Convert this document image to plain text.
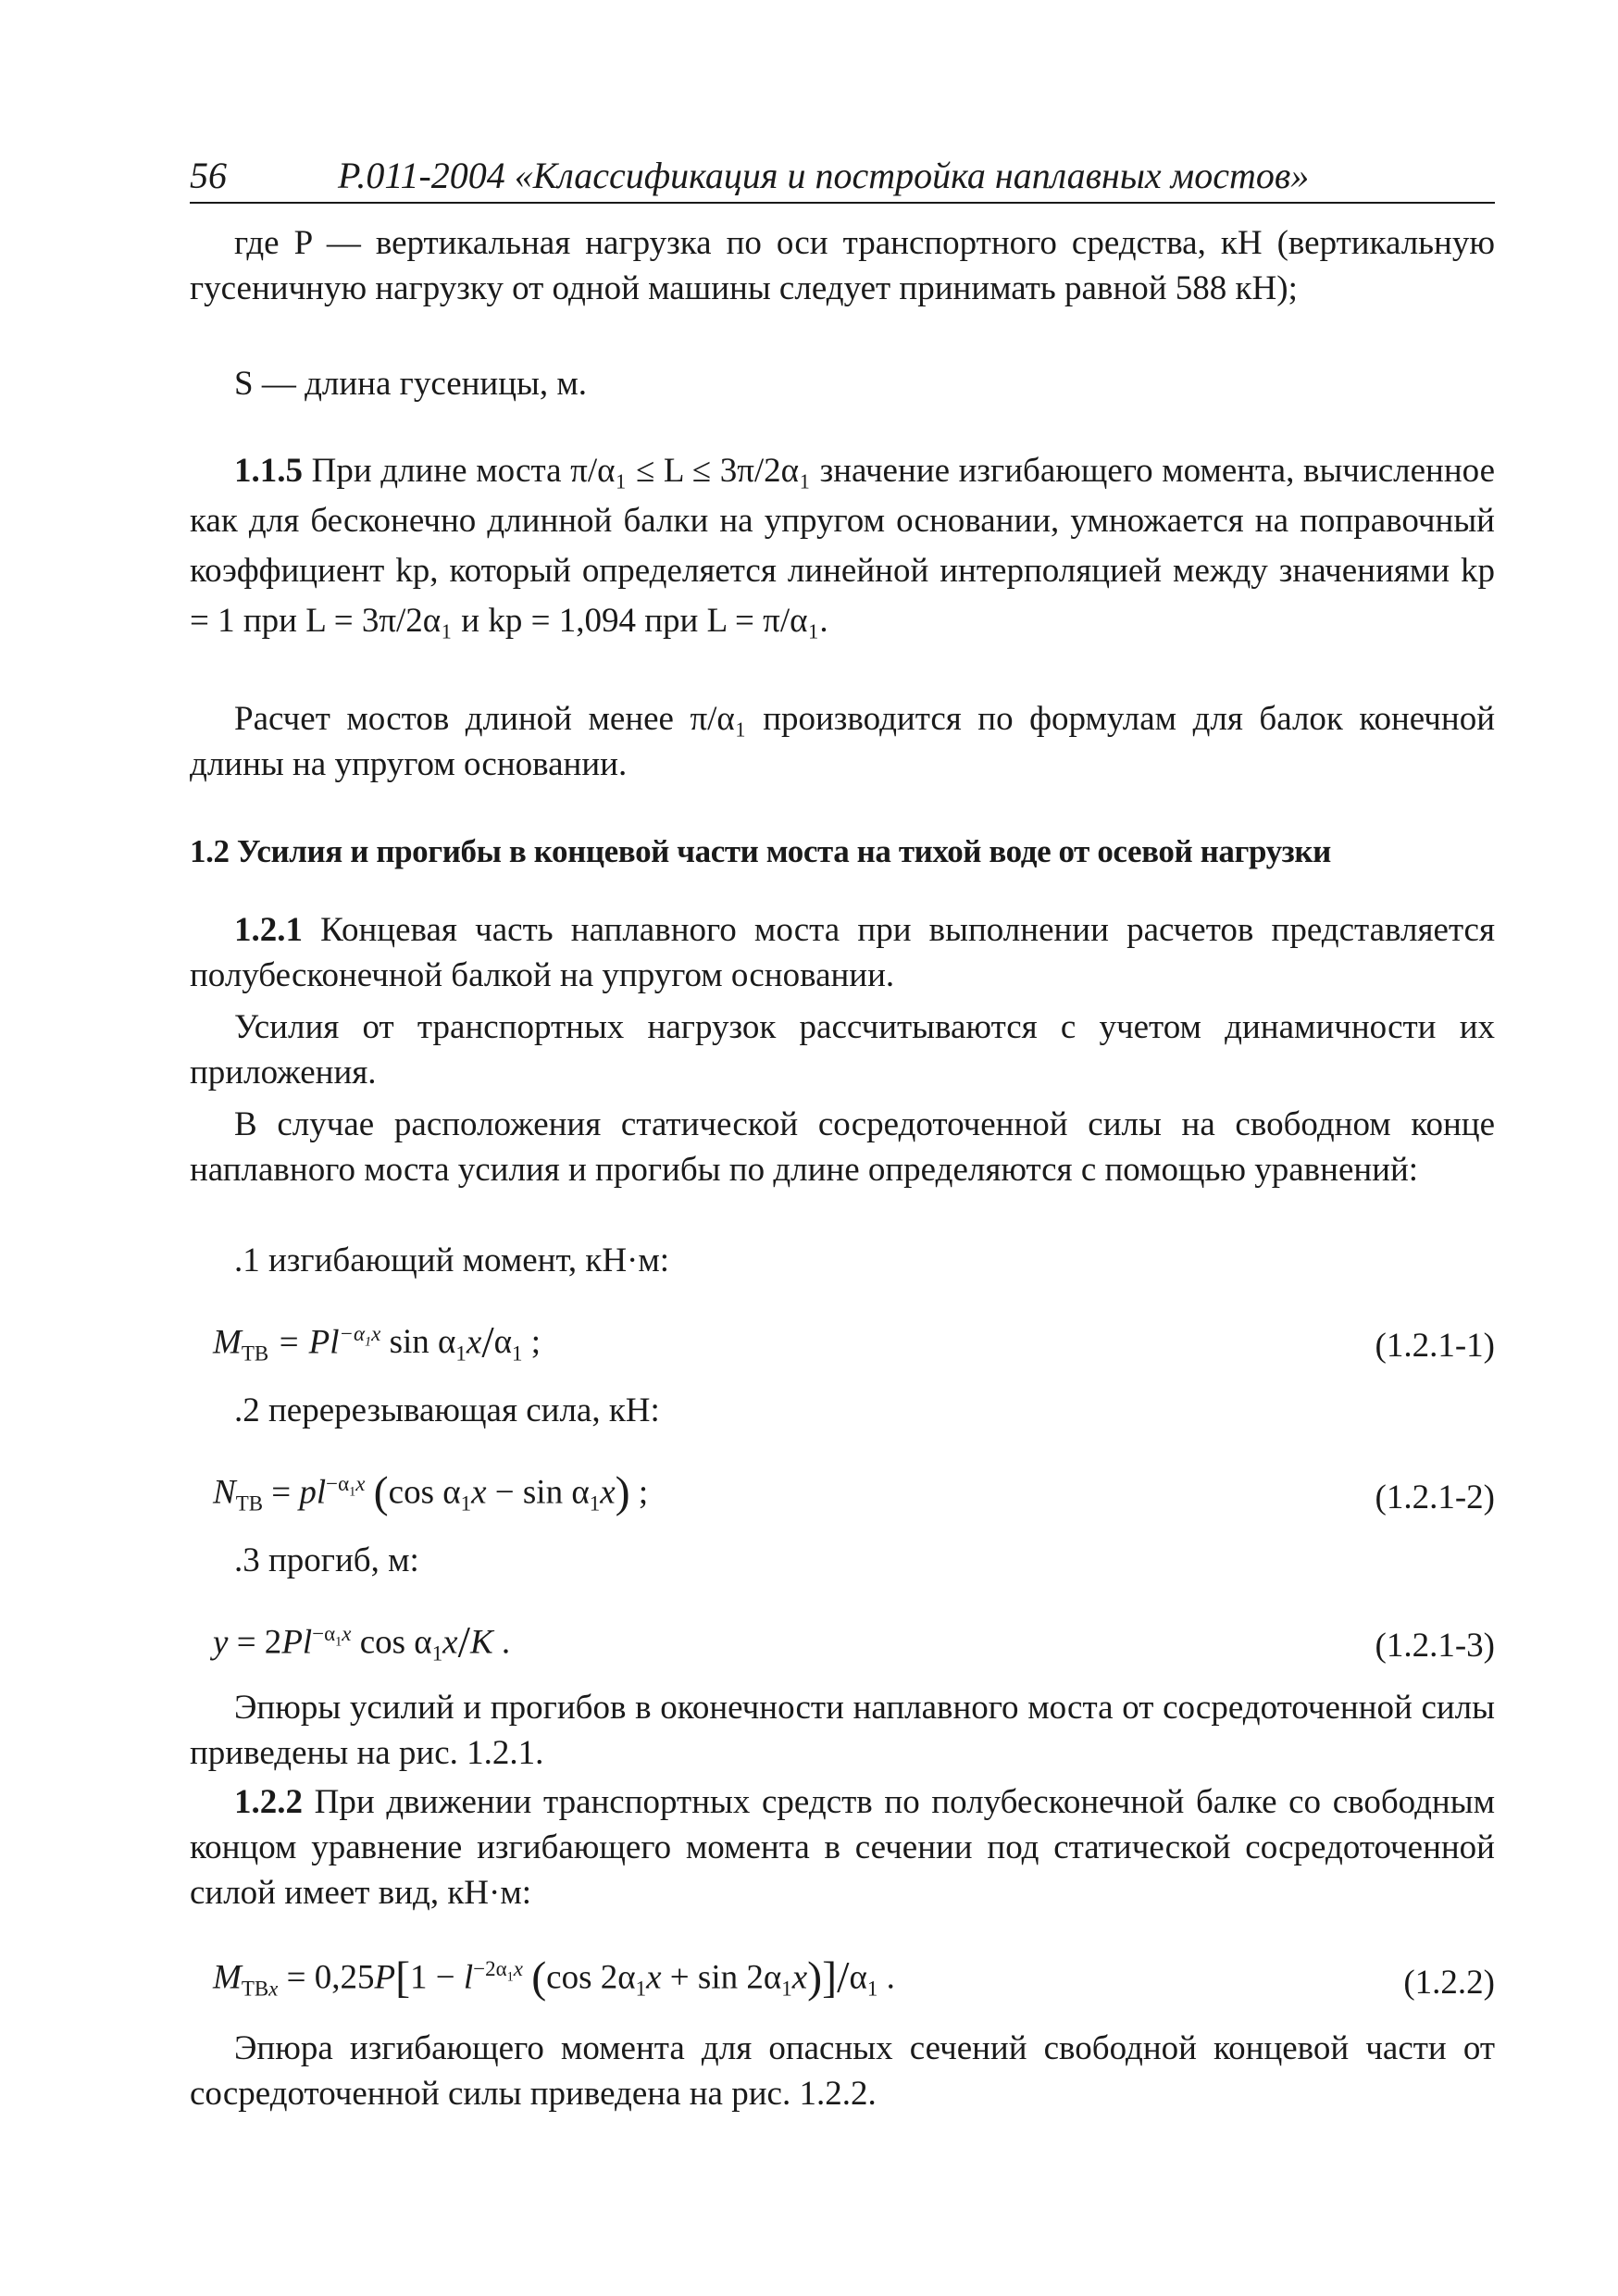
56	Р.011-2004 «Классификация и постройка наплавных мостов»

где P — вертикальная нагрузка по оси транспортного средства, кН (вертикальную гусеничную нагрузку от одной машины следует принимать равной 588 кН);

S — длина гусеницы, м.

1.1.5 При длине моста π/α₁ ≤ L ≤ 3π/2α₁ значение изгибающего момента, вычисленное как для бесконечно длинной балки на упругом основании, умножается на поправочный коэффициент kр, который определяется линейной интерполяцией между значениями kр = 1 при L = 3π/2α₁ и kр = 1,094 при L = π/α₁.

Расчет мостов длиной менее π/α₁ производится по формулам для балок конечной длины на упругом основании.

1.2 Усилия и прогибы в концевой части моста на тихой воде от осевой нагрузки

1.2.1 Концевая часть наплавного моста при выполнении расчетов представляется полубесконечной балкой на упругом основании.

Усилия от транспортных нагрузок рассчитываются с учетом динамичности их приложения.

В случае расположения статической сосредоточенной силы на свободном конце наплавного моста усилия и прогибы по длине определяются с помощью уравнений:

.1 изгибающий момент, кН·м:
$M_{ТВ} = Pl^{-\alpha_1x}$ $\sin \alpha_1x/\alpha_1$ ;	(1.2.1-1)
.2 перерезывающая сила, кН:
$N_{ТВ} = pl^{-\alpha_1x}$ (cos $\alpha_1x - \sin \alpha_1x$) ;	(1.2.1-2)
.3 прогиб, м:
$y = 2Pl^{-\alpha_1x}$ $\cos \alpha_1x/K$ .	(1.2.1-3)

Эпюры усилий и прогибов в оконечности наплавного моста от сосредоточенной силы приведены на рис. 1.2.1.

1.2.2 При движении транспортных средств по полубесконечной балке со свободным концом уравнение изгибающего момента в сечении под статической сосредоточенной силой имеет вид, кН·м:

$M_{ТВx} = 0,25P[1 - l^{-2\alpha_1x}$ (cos $2\alpha_1x + \sin 2\alpha_1x)]/\alpha_1$ .	(1.2.2)

Эпюра изгибающего момента для опасных сечений свободной концевой части от сосредоточенной силы приведена на рис. 1.2.2.
